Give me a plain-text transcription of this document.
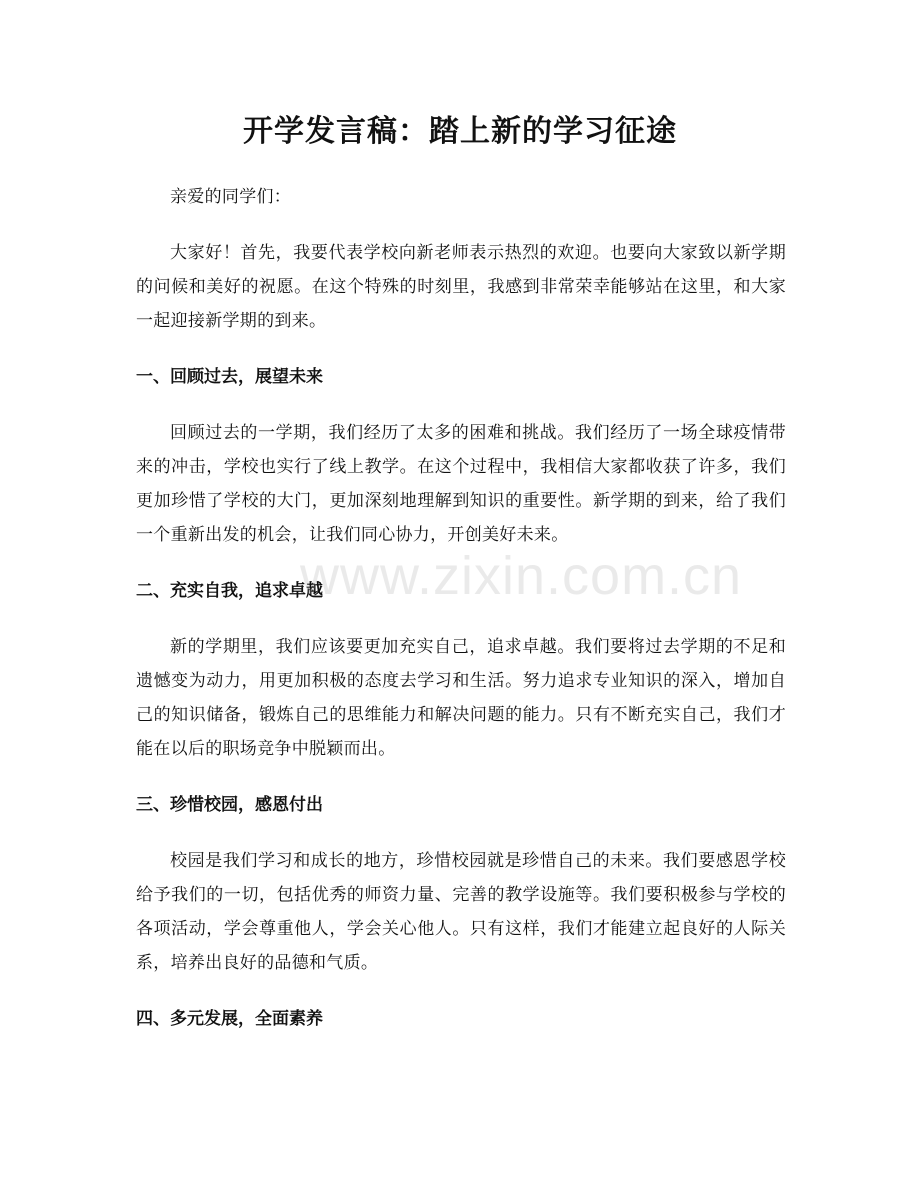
开学发言稿：踏上新的学习征途

亲爱的同学们：

大家好！首先，我要代表学校向新老师表示热烈的欢迎。也要向大家致以新学期的问候和美好的祝愿。在这个特殊的时刻里，我感到非常荣幸能够站在这里，和大家一起迎接新学期的到来。

一、回顾过去，展望未来

回顾过去的一学期，我们经历了太多的困难和挑战。我们经历了一场全球疫情带来的冲击，学校也实行了线上教学。在这个过程中，我相信大家都收获了许多，我们更加珍惜了学校的大门，更加深刻地理解到知识的重要性。新学期的到来，给了我们一个重新出发的机会，让我们同心协力，开创美好未来。

二、充实自我，追求卓越

新的学期里，我们应该要更加充实自己，追求卓越。我们要将过去学期的不足和遗憾变为动力，用更加积极的态度去学习和生活。努力追求专业知识的深入，增加自己的知识储备，锻炼自己的思维能力和解决问题的能力。只有不断充实自己，我们才能在以后的职场竞争中脱颖而出。

三、珍惜校园，感恩付出

校园是我们学习和成长的地方，珍惜校园就是珍惜自己的未来。我们要感恩学校给予我们的一切，包括优秀的师资力量、完善的教学设施等。我们要积极参与学校的各项活动，学会尊重他人，学会关心他人。只有这样，我们才能建立起良好的人际关系，培养出良好的品德和气质。

四、多元发展，全面素养
www.zixin.com.cn
